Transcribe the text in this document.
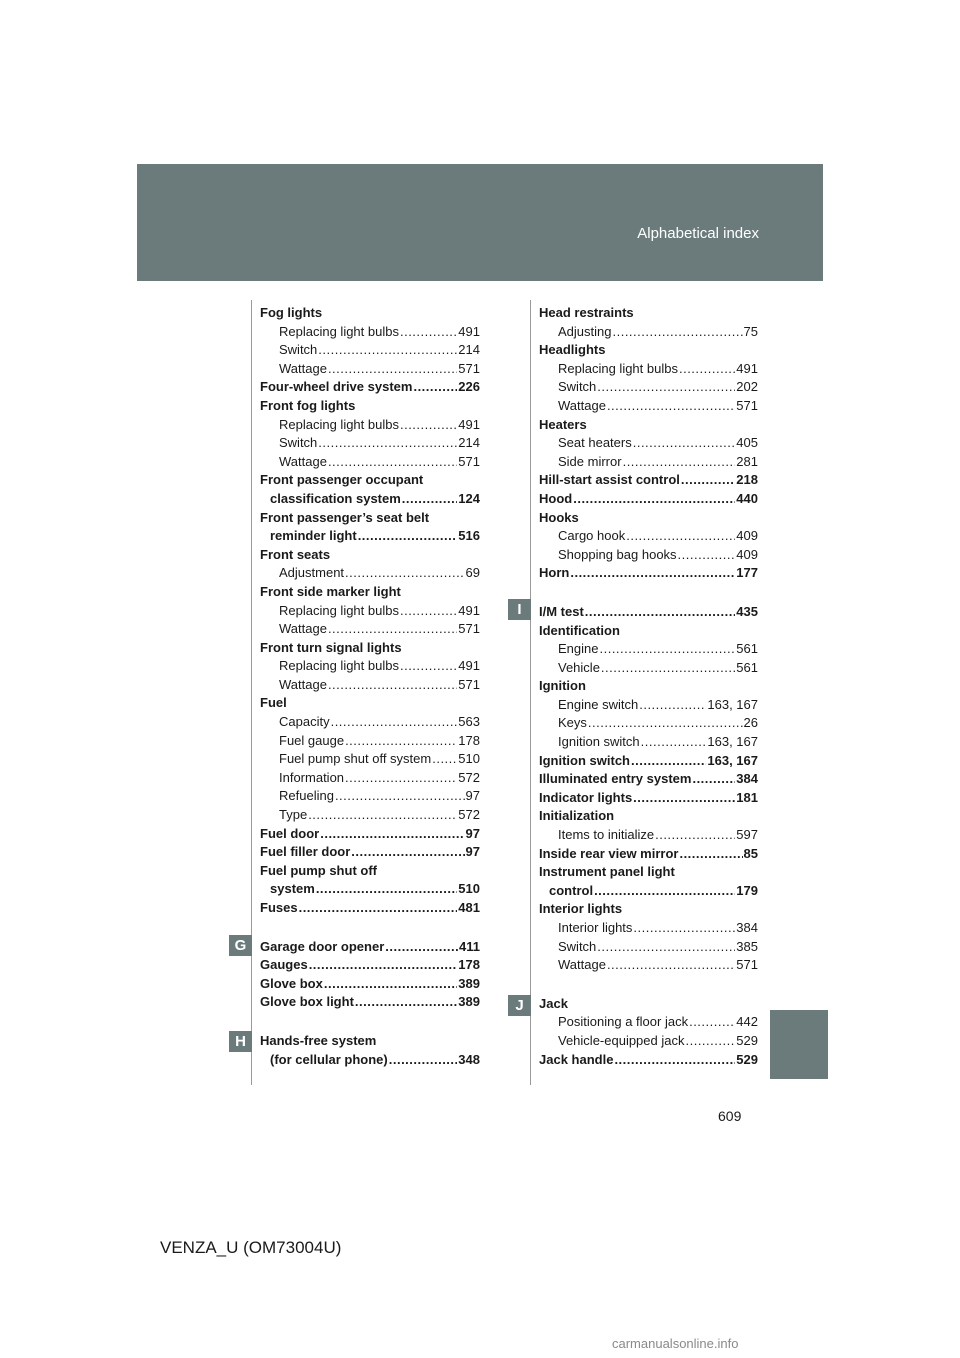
Alphabetical index
Fog lights
Replacing light bulbs .....	491
Switch .....	214
Wattage .....	571
Four-wheel drive system .....	226
Front fog lights
Replacing light bulbs .....	491
Switch .....	214
Wattage .....	571
Front passenger occupant
classification system .....	124
Front passenger’s seat belt
reminder light .....	516
Front seats
Adjustment .....	69
Front side marker light
Replacing light bulbs .....	491
Wattage .....	571
Front turn signal lights
Replacing light bulbs .....	491
Wattage .....	571
Fuel
Capacity .....	563
Fuel gauge .....	178
Fuel pump shut off system ..... 510
Information .....	572
Refueling .....	97
Type .....	572
Fuel door .....	97
Fuel filler door .....	97
Fuel pump shut off
system .....	510
Fuses .....	481
Garage door opener .....	411
Gauges .....	178
Glove box .....	389
Glove box light .....	389
Hands-free system
(for cellular phone) .....	348
Head restraints
Adjusting .....	75
Headlights
Replacing light bulbs .....	491
Switch .....	202
Wattage .....	571
Heaters
Seat heaters .....	405
Side mirror .....	281
Hill-start assist control .....	218
Hood .....	440
Hooks
Cargo hook .....	409
Shopping bag hooks .....	409
Horn .....	177
I/M test .....	435
Identification
Engine .....	561
Vehicle .....	561
Ignition
Engine switch .....	163, 167
Keys .....	26
Ignition switch .....	163, 167
Ignition switch .....	163, 167
Illuminated entry system .....	384
Indicator lights .....	181
Initialization
Items to initialize .....	597
Inside rear view mirror .....	85
Instrument panel light
control .....	179
Interior lights
Interior lights .....	384
Switch .....	385
Wattage .....	571
Jack
Positioning a floor jack .....	442
Vehicle-equipped jack .....	529
Jack handle .....	529
G
H
I
J
609
VENZA_U (OM73004U)
carmanualsonline.info
